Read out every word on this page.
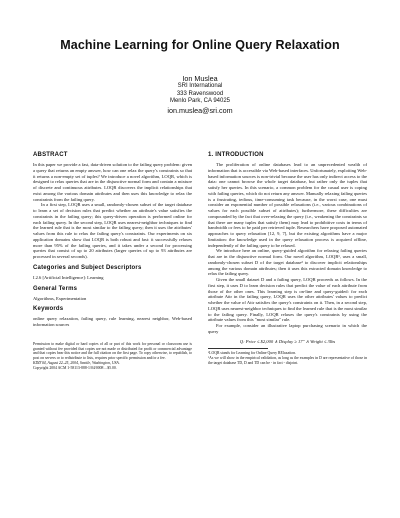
Machine Learning for Online Query Relaxation
Ion Muslea
SRI International
333 Ravenswood
Menlo Park, CA 94025
ion.muslea@sri.com
ABSTRACT

In this paper we provide a fast, data-driven solution to the failing query problem: given a query that returns an empty answer, how can one relax the query's constraints so that it returns a non-empty set of tuples? We introduce a novel algorithm, LOQR, which is designed to relax queries that are in the disjunctive normal form and contain a mixture of discrete and continuous attributes. LOQR discovers the implicit relationships that exist among the various domain attributes and then uses this knowledge to relax the constraints from the failing query.

In a first step, LOQR uses a small, randomly-chosen subset of the target database to learn a set of decision rules that predict whether an attribute's value satisfies the constraints in the failing query; this query-driven operation is performed online for each failing query. In the second step, LOQR uses nearest-neighbor techniques to find the learned rule that is the most similar to the failing query; then it uses the attributes' values from this rule to relax the failing query's constraints. Our experiments on six application domains show that LOQR is both robust and fast: it successfully relaxes more than 95% of the failing queries, and it takes under a second for processing queries that consist of up to 20 attributes (larger queries of up to 93 attributes are processed in several seconds).

Categories and Subject Descriptors

I.2.6 [Artificial Intelligence]: Learning

General Terms

Algorithms, Experimentation

Keywords

online query relaxation, failing query, rule learning, nearest neighbor, Web-based information sources

Permission to make digital or hard copies of all or part of this work for personal or classroom use is granted without fee provided that copies are not made or distributed for profit or commercial advantage and that copies bear this notice and the full citation on the first page. To copy otherwise, to republish, to post on servers or to redistribute to lists, requires prior specific permission and/or a fee.

KDD'04, August 22–25, 2004, Seattle, Washington, USA.

Copyright 2004 ACM 1-58113-888-1/04/0008 ...$5.00.

1. INTRODUCTION

The proliferation of online databases lead to an unprecedented wealth of information that is accessible via Web-based interfaces. Unfortunately, exploiting Web-based information sources is non-trivial because the user has only indirect access to the data: one cannot browse the whole target database, but rather only the tuples that satisfy her queries. In this scenario, a common problem for the casual user is coping with failing queries, which do not return any answer. Manually relaxing failing queries is a frustrating, tedious, time-consuming task because, in the worst case, one must consider an exponential number of possible relaxations (i.e., various combinations of values for each possible subset of attributes); furthermore, these difficulties are compounded by the fact that over-relaxing the query (i.e., weakening the constraints so that there are many tuples that satisfy them) may lead to prohibitive costs in terms of bandwidth or fees to be paid per retrieved tuple. Researchers have proposed automated approaches to query relaxation [12, 9, 7], but the existing algorithms have a major limitation: the knowledge used in the query relaxation process is acquired offline, independently of the failing query to be relaxed.

We introduce here an online, query-guided algorithm for relaxing failing queries that are in the disjunctive normal form. Our novel algorithm, LOQR¹, uses a small, randomly-chosen subset D of the target database² to discover implicit relationships among the various domain attributes; then it uses this extracted domain knowledge to relax the failing query.

Given the small dataset D and a failing query, LOQR proceeds as follows. In the first step, it uses D to learn decision rules that predict the value of each attribute from those of the other ones. This learning step is on-line and query-guided: for each attribute Attr in the failing query, LOQR uses the other attributes' values to predict whether the value of Attr satisfies the query's constraints on it. Then, in a second step, LOQR uses nearest-neighbor techniques to find the learned rule that is the most similar to the failing query. Finally, LOQR relaxes the query's constraints by using the attribute values from this "most similar" rule.

For example, consider an illustrative laptop purchasing scenario in which the query

Q: Price ≤ $2,000 ∧ Display ≥ 17" ∧ Weight ≤ 3lbs

¹LOQR stands for Learning for Online Query RElaxation.

²As we will show in the empirical validation, as long as the examples in D are representative of those in the target database TD, D and TD can be - in fact - disjoint.
